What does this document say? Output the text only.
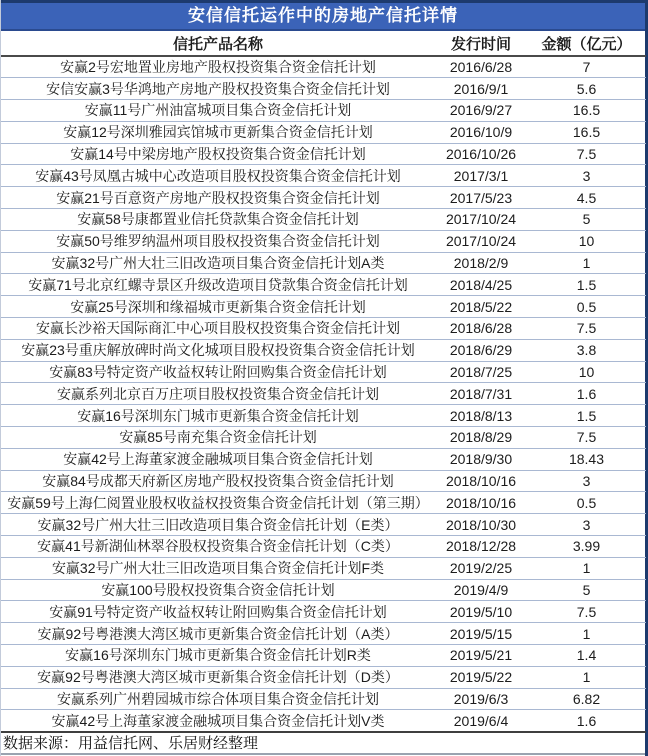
安信信托运作中的房地产信托详情
信托产品名称	发行时间	金额（亿元）
安赢2号宏地置业房地产股权投资集合资金信托计划	2016/6/28	7
安信安赢3号华鸿地产房地产股权投资集合资金信托计划	2016/9/1	5.6
安赢11号广州油富城项目集合资金信托计划	2016/9/27	16.5
安赢12号深圳雅园宾馆城市更新集合资金信托计划	2016/10/9	16.5
安赢14号中梁房地产股权投资集合资金信托计划	2016/10/26	7.5
安赢43号凤凰古城中心改造项目股权投资集合资金信托计划	2017/3/1	3
安赢21号百意资产房地产股权投资集合资金信托计划	2017/5/23	4.5
安赢58号康都置业信托贷款集合资金信托计划	2017/10/24	5
安赢50号维罗纳温州项目股权投资集合资金信托计划	2017/10/24	10
安赢32号广州大壮三旧改造项目集合资金信托计划A类	2018/2/9	1
安赢71号北京红螺寺景区升级改造项目贷款集合资金信托计划	2018/4/25	1.5
安赢25号深圳和缘福城市更新集合资金信托计划	2018/5/22	0.5
安赢长沙裕天国际商汇中心项目股权投资集合资金信托计划	2018/6/28	7.5
安赢23号重庆解放碑时尚文化城项目股权投资集合资金信托计划	2018/6/29	3.8
安赢83号特定资产收益权转让附回购集合资金信托计划	2018/7/25	10
安赢系列北京百万庄项目股权投资集合资金信托计划	2018/7/31	1.6
安赢16号深圳东门城市更新集合资金信托计划	2018/8/13	1.5
安赢85号南充集合资金信托计划	2018/8/29	7.5
安赢42号上海董家渡金融城项目集合资金信托计划	2018/9/30	18.43
安赢84号成都天府新区房地产股权投资集合资金信托计划	2018/10/16	3
安赢59号上海仁阅置业股权收益权投资集合资金信托计划（第三期）	2018/10/16	0.5
安赢32号广州大壮三旧改造项目集合资金信托计划（E类）	2018/10/30	3
安赢41号新湖仙林翠谷股权投资集合资金信托计划（C类）	2018/12/28	3.99
安赢32号广州大壮三旧改造项目集合资金信托计划F类	2019/2/25	1
安赢100号股权投资集合资金信托计划	2019/4/9	5
安赢91号特定资产收益权转让附回购集合资金信托计划	2019/5/10	7.5
安赢92号粤港澳大湾区城市更新集合资金信托计划（A类）	2019/5/15	1
安赢16号深圳东门城市更新集合资金信托计划R类	2019/5/21	1.4
安赢92号粤港澳大湾区城市更新集合资金信托计划（D类）	2019/5/22	1
安赢系列广州碧园城市综合体项目集合资金信托计划	2019/6/3	6.82
安赢42号上海董家渡金融城项目集合资金信托计划V类	2019/6/4	1.6
数据来源：用益信托网、乐居财经整理
